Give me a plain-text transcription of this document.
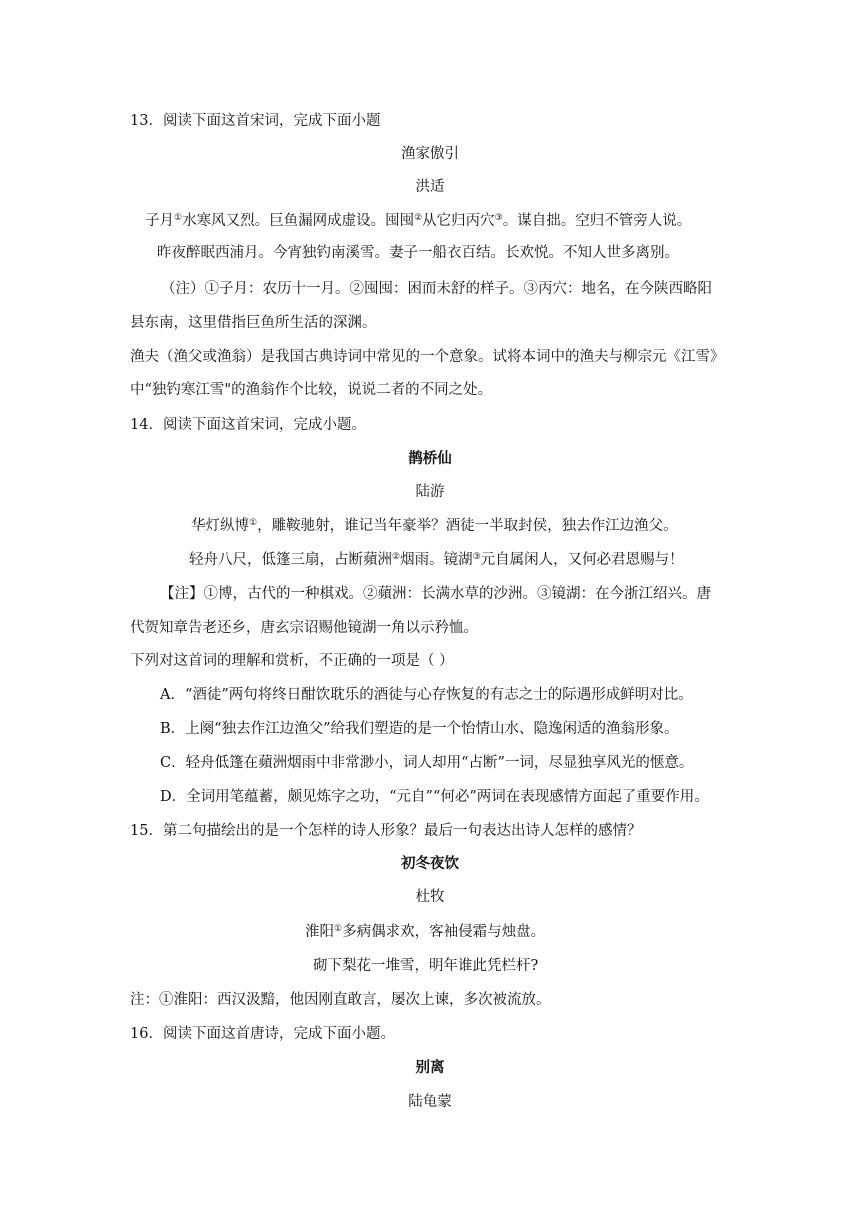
13．阅读下面这首宋词，完成下面小题
渔家傲引
洪适
子月①水寒风又烈。巨鱼漏网成虚设。囤囤②从它归丙穴③。谋自拙。空归不管旁人说。
昨夜醉眠西浦月。今宵独钓南溪雪。妻子一船衣百结。长欢悦。不知人世多离别。
（注）①子月：农历十一月。②囤囤：困而未舒的样子。③丙穴：地名，在今陕西略阳
县东南，这里借指巨鱼所生活的深渊。
渔夫（渔父或渔翁）是我国古典诗词中常见的一个意象。试将本词中的渔夫与柳宗元《江雪》
中“独钓寒江雪"的渔翁作个比较，说说二者的不同之处。
14．阅读下面这首宋词，完成小题。
鹊桥仙
陆游
华灯纵博①，雕鞍驰射，谁记当年豪举？酒徒一半取封侯，独去作江边渔父。
轻舟八尺，低篷三扇，占断蘋洲②烟雨。镜湖③元自属闲人，又何必君恩赐与！
【注】①博，古代的一种棋戏。②蘋洲：长满水草的沙洲。③镜湖：在今浙江绍兴。唐
代贺知章告老还乡，唐玄宗诏赐他镜湖一角以示矜恤。
下列对这首词的理解和赏析，不正确的一项是（ ）
A．“酒徒”两句将终日酣饮耽乐的酒徒与心存恢复的有志之士的际遇形成鲜明对比。
B．上阕“独去作江边渔父”给我们塑造的是一个怡情山水、隐逸闲适的渔翁形象。
C．轻舟低篷在蘋洲烟雨中非常渺小，词人却用“占断”一词，尽显独享风光的惬意。
D．全词用笔蕴蓄，颇见炼字之功，“元自”“何必”两词在表现感情方面起了重要作用。
15．第二句描绘出的是一个怎样的诗人形象？最后一句表达出诗人怎样的感情？
初冬夜饮
杜牧
淮阳①多病偶求欢，客袖侵霜与烛盘。
砌下梨花一堆雪，明年谁此凭栏杆?
注：①淮阳：西汉汲黯，他因刚直敢言，屡次上谏，多次被流放。
16．阅读下面这首唐诗，完成下面小题。
别离
陆龟蒙
